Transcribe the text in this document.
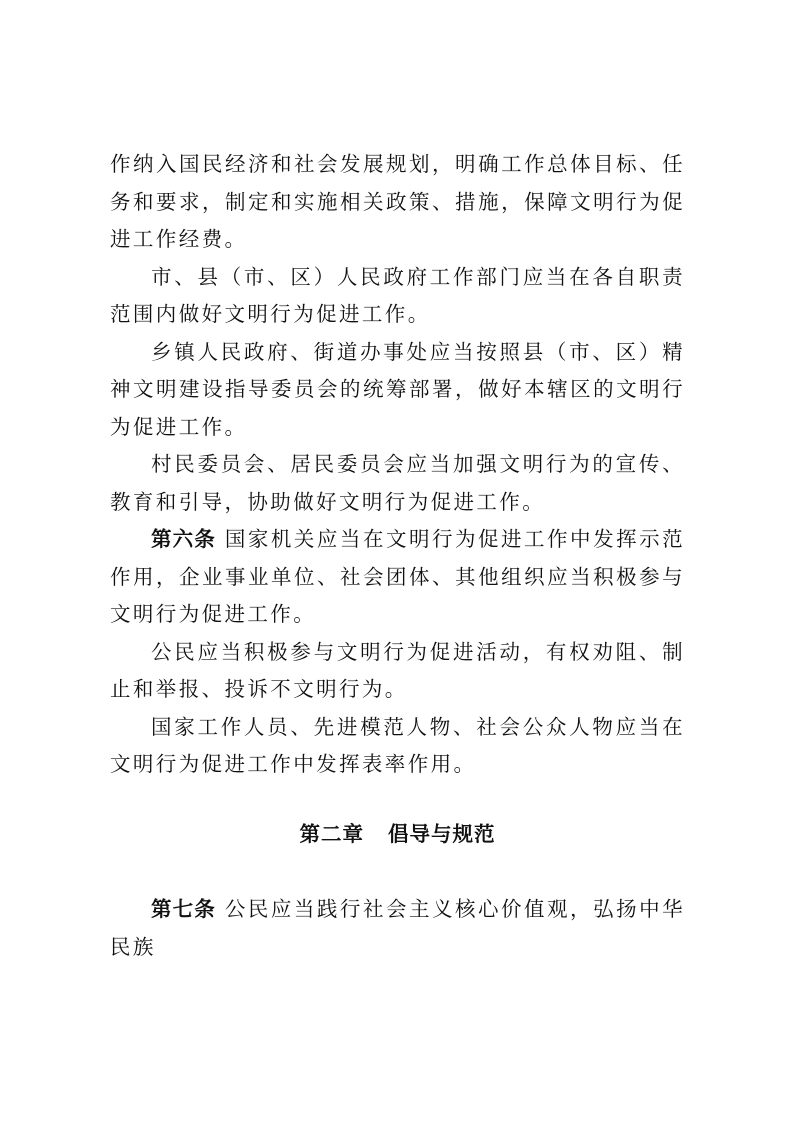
作纳入国民经济和社会发展规划，明确工作总体目标、任务和要求，制定和实施相关政策、措施，保障文明行为促进工作经费。

市、县（市、区）人民政府工作部门应当在各自职责范围内做好文明行为促进工作。

乡镇人民政府、街道办事处应当按照县（市、区）精神文明建设指导委员会的统筹部署，做好本辖区的文明行为促进工作。

村民委员会、居民委员会应当加强文明行为的宣传、教育和引导，协助做好文明行为促进工作。

第六条 国家机关应当在文明行为促进工作中发挥示范作用，企业事业单位、社会团体、其他组织应当积极参与文明行为促进工作。

公民应当积极参与文明行为促进活动，有权劝阻、制止和举报、投诉不文明行为。

国家工作人员、先进模范人物、社会公众人物应当在文明行为促进工作中发挥表率作用。

第二章 倡导与规范

第七条 公民应当践行社会主义核心价值观，弘扬中华民族
